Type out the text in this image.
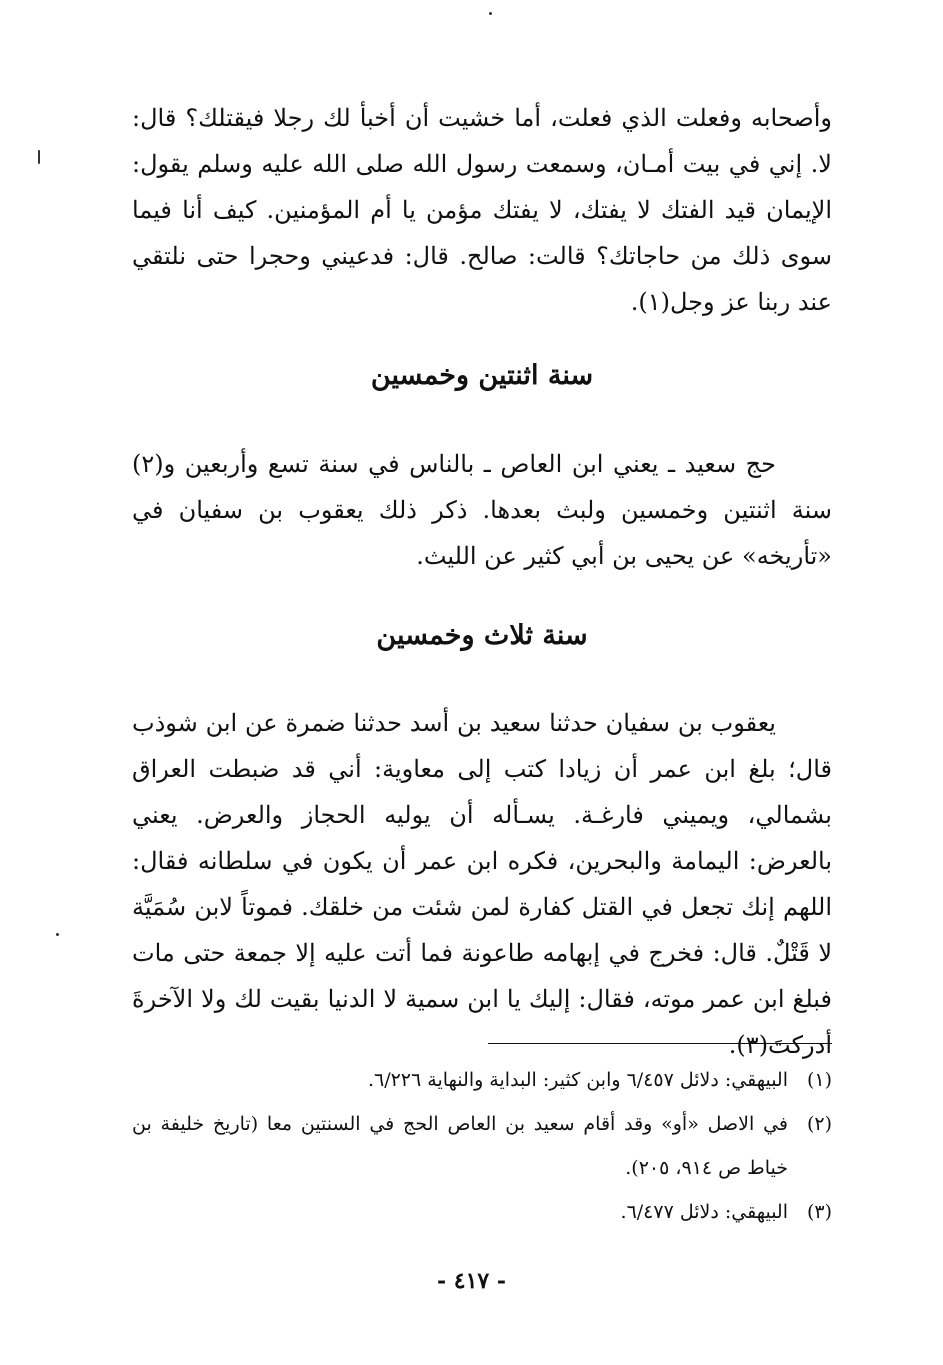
وأصحابه وفعلت الذي فعلت، أما خشيت أن أخبأ لك رجلا فيقتلك؟ قال: لا. إني في بيت أمـان، وسمعت رسول الله صلى الله عليه وسلم يقول: الإيمان قيد الفتك لا يفتك، لا يفتك مؤمن يا أم المؤمنين. كيف أنا فيما سوى ذلك من حاجاتك؟ قالت: صالح. قال: فدعيني وحجرا حتى نلتقي عند ربنا عز وجل(١).

سنة اثنتين وخمسين

حج سعيد ـ يعني ابن العاص ـ بالناس في سنة تسع وأربعين و(٢) سنة اثنتين وخمسين ولبث بعدها. ذكر ذلك يعقوب بن سفيان في «تأريخه» عن يحيى بن أبي كثير عن الليث.

سنة ثلاث وخمسين

يعقوب بن سفيان حدثنا سعيد بن أسد حدثنا ضمرة عن ابن شوذب قال؛ بلغ ابن عمر أن زيادا كتب إلى معاوية: أني قد ضبطت العراق بشمالي، ويميني فارغـة. يسـأله أن يوليه الحجاز والعرض. يعني بالعرض: اليمامة والبحرين، فكره ابن عمر أن يكون في سلطانه فقال: اللهم إنك تجعل في القتل كفارة لمن شئت من خلقك. فموتاً لابن سُمَيَّة لا قَتْلٌ. قال: فخرج في إبهامه طاعونة فما أتت عليه إلا جمعة حتى مات فبلغ ابن عمر موته، فقال: إليك يا ابن سمية لا الدنيا بقيت لك ولا الآخرةَ أدركتَ(٣).

(١)
البيهقي: دلائل ٦/٤٥٧ وابن كثير: البداية والنهاية ٦/٢٢٦.
(٢)
في الاصل «أو» وقد أقام سعيد بن العاص الحج في السنتين معا (تاريخ خليفة بن خياط ص ٩١٤، ٢٠٥).
(٣)
البيهقي: دلائل ٦/٤٧٧.
- ٤١٧ -
